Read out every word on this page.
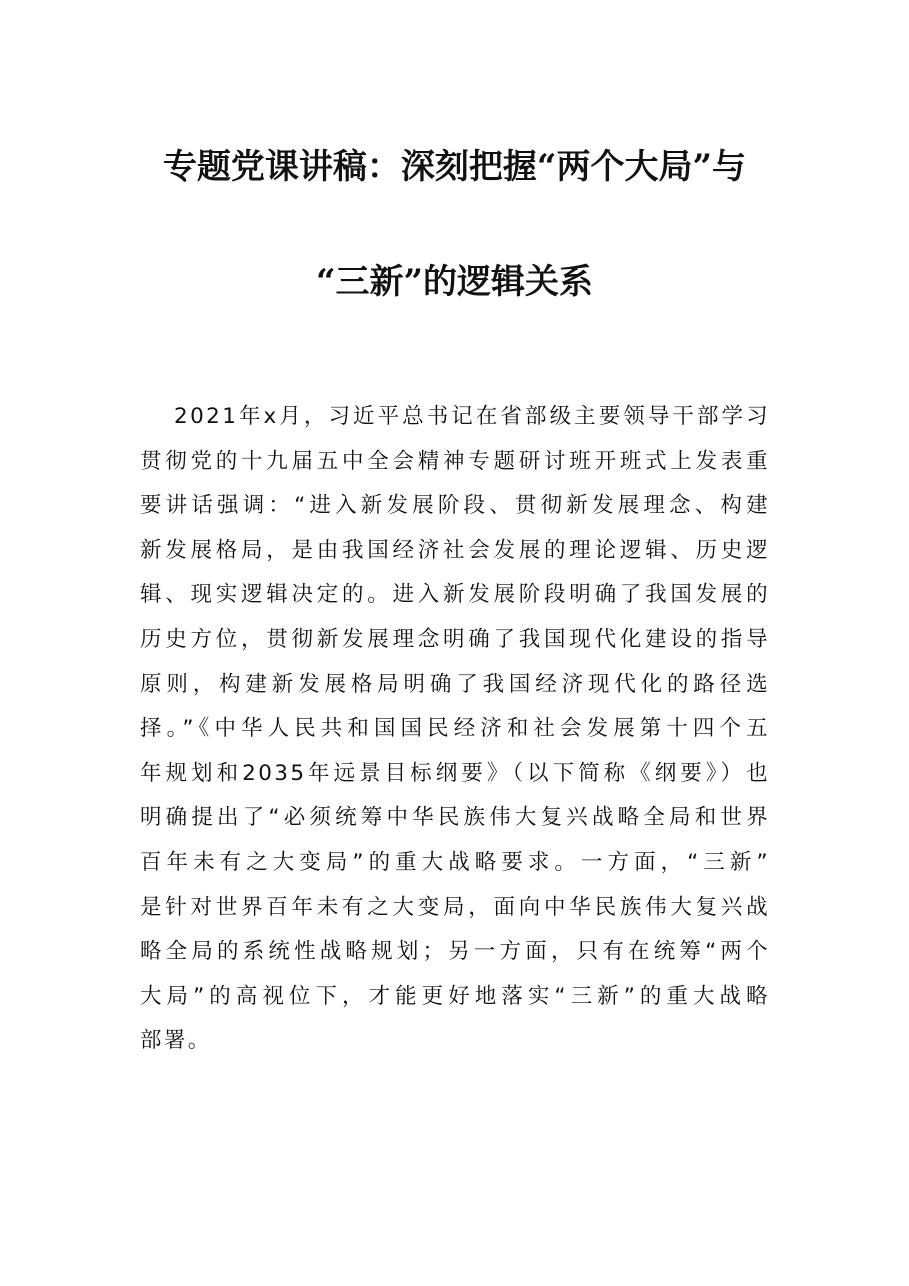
专题党课讲稿：深刻把握“两个大局”与
“三新”的逻辑关系
2021年x月，习近平总书记在省部级主要领导干部学习
贯彻党的十九届五中全会精神专题研讨班开班式上发表重
要讲话强调：“进入新发展阶段、贯彻新发展理念、构建
新发展格局，是由我国经济社会发展的理论逻辑、历史逻
辑、现实逻辑决定的。进入新发展阶段明确了我国发展的
历史方位，贯彻新发展理念明确了我国现代化建设的指导
原则，构建新发展格局明确了我国经济现代化的路径选
择。”《中华人民共和国国民经济和社会发展第十四个五
年规划和2035年远景目标纲要》（以下简称《纲要》）也
明确提出了“必须统筹中华民族伟大复兴战略全局和世界
百年未有之大变局”的重大战略要求。一方面，“三新”
是针对世界百年未有之大变局，面向中华民族伟大复兴战
略全局的系统性战略规划；另一方面，只有在统筹“两个
大局”的高视位下，才能更好地落实“三新”的重大战略
部署。
